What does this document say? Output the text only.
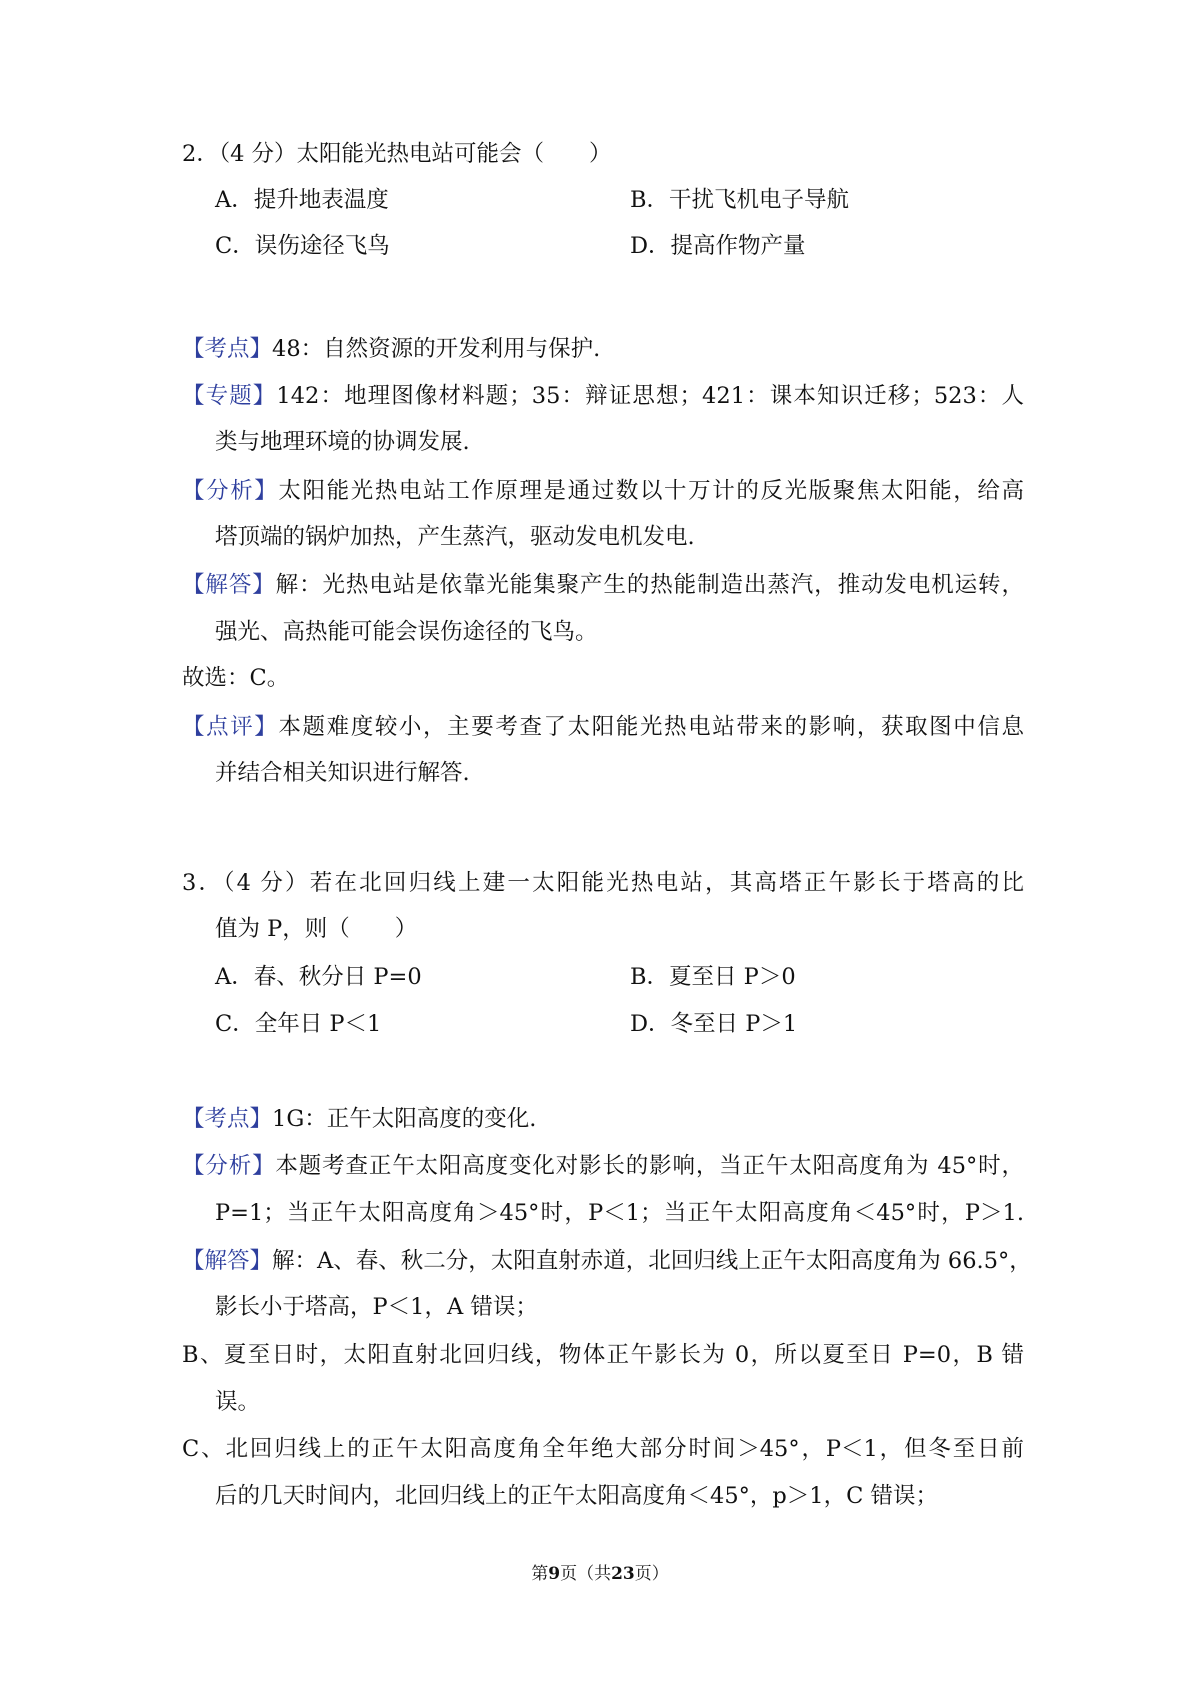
2．（4 分）太阳能光热电站可能会（　　）
A．提升地表温度	B．干扰飞机电子导航
C．误伤途径飞鸟	D．提高作物产量
【考点】48：自然资源的开发利用与保护.
【专题】142：地理图像材料题；35：辩证思想；421：课本知识迁移；523：人
类与地理环境的协调发展.
【分析】太阳能光热电站工作原理是通过数以十万计的反光版聚焦太阳能，给高
塔顶端的锅炉加热，产生蒸汽，驱动发电机发电.
【解答】解：光热电站是依靠光能集聚产生的热能制造出蒸汽，推动发电机运转，
强光、高热能可能会误伤途径的飞鸟。
故选：C。
【点评】本题难度较小，主要考查了太阳能光热电站带来的影响，获取图中信息
并结合相关知识进行解答.
3．（4 分）若在北回归线上建一太阳能光热电站，其高塔正午影长于塔高的比
值为 P，则（　　）
A．春、秋分日 P=0	B．夏至日 P＞0
C．全年日 P＜1	D．冬至日 P＞1
【考点】1G：正午太阳高度的变化.
【分析】本题考查正午太阳高度变化对影长的影响，当正午太阳高度角为 45°时，
P=1；当正午太阳高度角＞45°时，P＜1；当正午太阳高度角＜45°时，P＞1.
【解答】解：A、春、秋二分，太阳直射赤道，北回归线上正午太阳高度角为 66.5°，
影长小于塔高，P＜1，A 错误；
B、夏至日时，太阳直射北回归线，物体正午影长为 0，所以夏至日 P=0，B 错
误。
C、北回归线上的正午太阳高度角全年绝大部分时间＞45°，P＜1，但冬至日前
后的几天时间内，北回归线上的正午太阳高度角＜45°，p＞1，C 错误；
第9页（共23页）
